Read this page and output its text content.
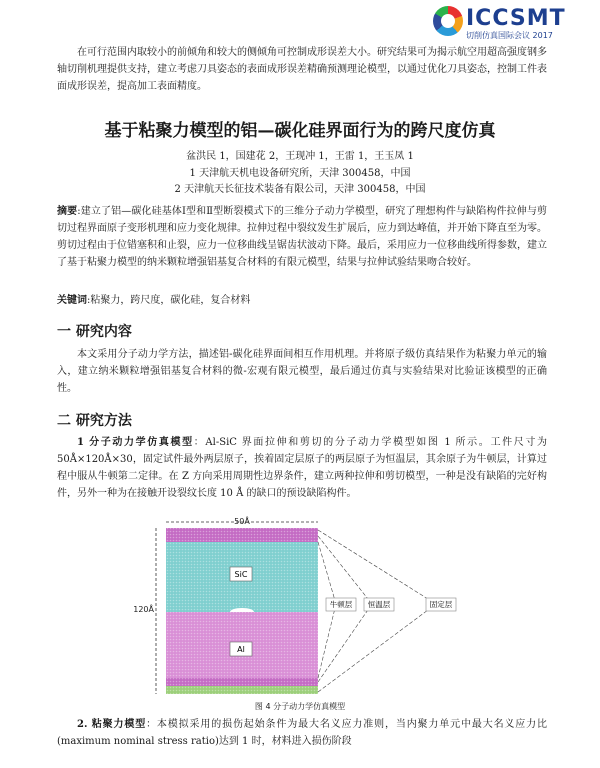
ICCSMT
切削仿真国际会议 2017
在可行范围内取较小的前倾角和较大的侧倾角可控制成形误差大小。研究结果可为揭示航空用超高强度钢多轴切削机理提供支持，建立考虑刀具姿态的表面成形误差精确预测理论模型，以通过优化刀具姿态，控制工件表面成形误差，提高加工表面精度。
基于粘聚力模型的铝—碳化硅界面行为的跨尺度仿真
盆洪民 1，国建花 2，王现冲 1，王雷 1，王玉凤 1
1 天津航天机电设备研究所，天津 300458，中国
2 天津航天长征技术装备有限公司，天津 300458，中国
摘要:建立了铝—碳化硅基体Ⅰ型和Ⅱ型断裂模式下的三维分子动力学模型，研究了理想构件与缺陷构件拉伸与剪切过程界面原子变形机理和应力变化规律。拉伸过程中裂纹发生扩展后，应力到达峰值，并开始下降直至为零。剪切过程由于位错塞积和止裂，应力一位移曲线呈锯齿状波动下降。最后，采用应力一位移曲线所得参数，建立了基于粘聚力模型的纳米颗粒增强铝基复合材料的有限元模型，结果与拉伸试验结果吻合较好。
关键词:粘聚力，跨尺度，碳化硅，复合材料
一 研究内容
本文采用分子动力学方法，描述铝-碳化硅界面间相互作用机理。并将原子级仿真结果作为粘聚力单元的输入，建立纳米颗粒增强铝基复合材料的微-宏观有限元模型，最后通过仿真与实验结果对比验证该模型的正确性。
二 研究方法
1 分子动力学仿真模型：Al-SiC 界面拉伸和剪切的分子动力学模型如图 1 所示。工件尺寸为 50Å×120Å×30，固定试件最外两层原子，挨着固定层原子的两层原子为恒温层，其余原子为牛顿层，计算过程中服从牛顿第二定律。在 Z 方向采用周期性边界条件，建立两种拉伸和剪切模型，一种是没有缺陷的完好构件，另外一种为在接触开设裂纹长度 10 Å 的缺口的预设缺陷构件。
50Å
120Å
SiC
Al
牛顿层 恒温层	固定层
图 4 分子动力学仿真模型
2. 粘聚力模型：本模拟采用的损伤起始条件为最大名义应力准则，当内聚力单元中最大名义应力比 (maximum nominal stress ratio)达到 1 时，材料进入损伤阶段
